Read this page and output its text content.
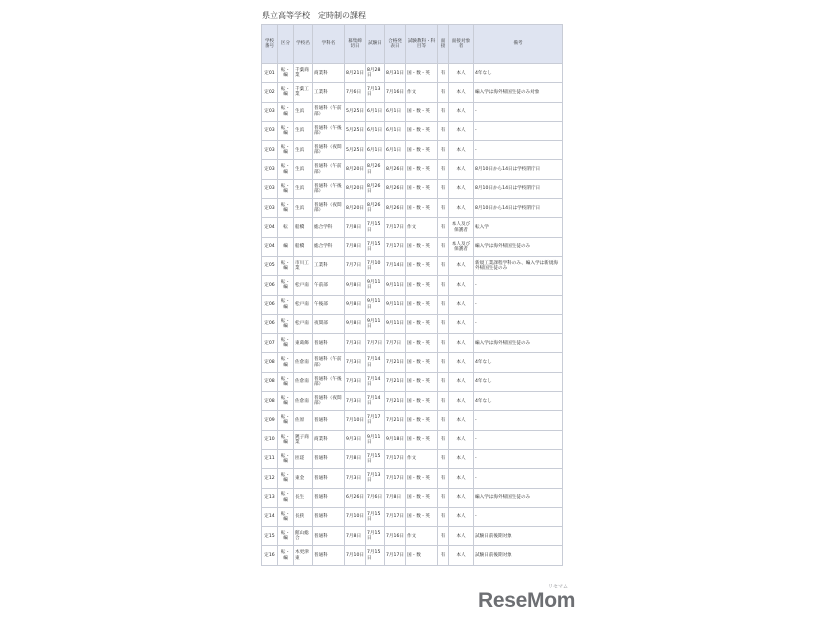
県立高等学校　定時制の課程
学校番号	区分	学校名	学科名	募集締切日	試験日	合格発表日	試験教科・科目等	面接	面接対象者	備考
定01	転・編	千葉商業	商業科	8月21日	8月28日	8月31日	国・数・英	有	本人	4年なし
定02	転・編	千葉工業	工業科	7月6日	7月13日	7月16日	作文	有	本人	編入学は海外帰国生徒のみ対象
定03	転・編	生浜	普通科（午前部）	5月25日	6月1日	6月1日	国・数・英	有	本人	-
定03	転・編	生浜	普通科（午後部）	5月25日	6月1日	6月1日	国・数・英	有	本人	-
定03	転・編	生浜	普通科（夜間部）	5月25日	6月1日	6月1日	国・数・英	有	本人	-
定03	転・編	生浜	普通科（午前部）	8月20日	8月26日	8月26日	国・数・英	有	本人	8月10日から14日は学校閉庁日
定03	転・編	生浜	普通科（午後部）	8月20日	8月26日	8月26日	国・数・英	有	本人	8月10日から14日は学校閉庁日
定03	転・編	生浜	普通科（夜間部）	8月20日	8月26日	8月26日	国・数・英	有	本人	8月10日から14日は学校閉庁日
定04	転	船橋	総合学科	7月8日	7月15日	7月17日	作文	有	本人及び保護者	転入学
定04	編	船橋	総合学科	7月8日	7月15日	7月17日	国・数・英	有	本人及び保護者	編入学は海外帰国生徒のみ
定05	転・編	市川工業	工業科	7月7日	7月10日	7月14日	国・数・英	有	本人	新規工業課程学科のみ、編入学は新規海外帰国生徒のみ
定06	転・編	松戸南	午前部	9月8日	9月11日	9月11日	国・数・英	有	本人	-
定06	転・編	松戸南	午後部	9月8日	9月11日	9月11日	国・数・英	有	本人	-
定06	転・編	松戸南	夜間部	9月8日	9月11日	9月11日	国・数・英	有	本人	-
定07	転・編	東葛飾	普通科	7月3日	7月7日	7月7日	国・数・英	有	本人	編入学は海外帰国生徒のみ
定08	転・編	佐倉南	普通科（午前部）	7月3日	7月14日	7月21日	国・数・英	有	本人	4年なし
定08	転・編	佐倉南	普通科（午後部）	7月3日	7月14日	7月21日	国・数・英	有	本人	4年なし
定08	転・編	佐倉南	普通科（夜間部）	7月3日	7月14日	7月21日	国・数・英	有	本人	4年なし
定09	転・編	佐原	普通科	7月10日	7月17日	7月21日	国・数・英	有	本人	-
定10	転・編	銚子商業	商業科	9月3日	9月11日	9月18日	国・数・英	有	本人	-
定11	転・編	匝瑳	普通科	7月8日	7月15日	7月17日	作文	有	本人	-
定12	転・編	東金	普通科	7月3日	7月13日	7月17日	国・数・英	有	本人	-
定13	転・編	長生	普通科	6月26日	7月6日	7月8日	国・数・英	有	本人	編入学は海外帰国生徒のみ
定14	転・編	長狭	普通科	7月10日	7月15日	7月17日	国・数・英	有	本人	-
定15	転・編	館山総合	普通科	7月8日	7月15日	7月16日	作文	有	本人	試験日前後期対象
定16	転・編	木更津東	普通科	7月10日	7月15日	7月17日	国・数	有	本人	試験日前後期対象
リセマム
ReseMom
